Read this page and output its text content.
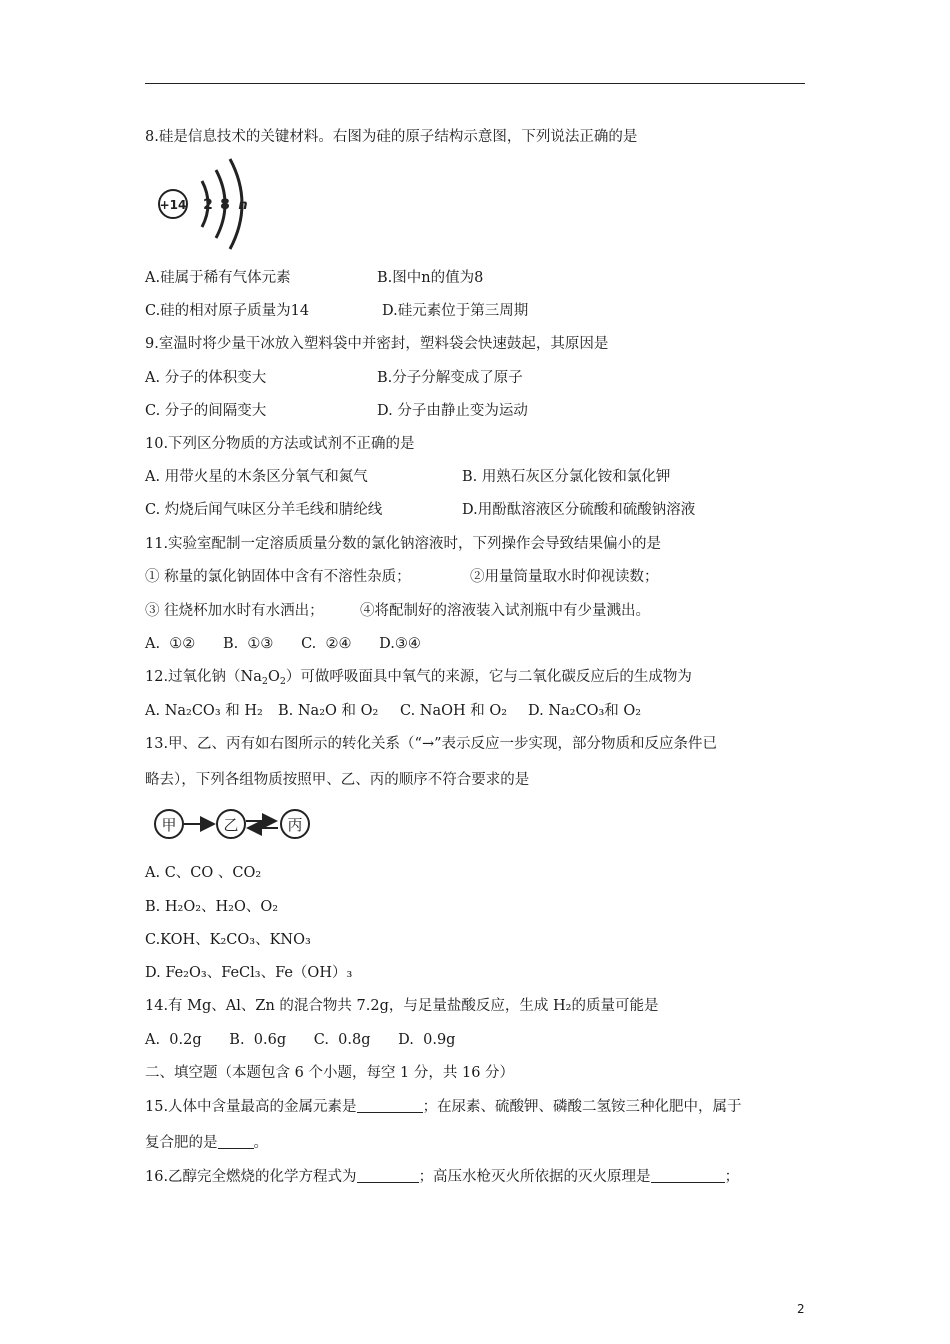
8.硅是信息技术的关键材料。右图为硅的原子结构示意图，下列说法正确的是
+14 2 8 n
A.硅属于稀有气体元素	B.图中n的值为8
C.硅的相对原子质量为14	D.硅元素位于第三周期
9.室温时将少量干冰放入塑料袋中并密封，塑料袋会快速鼓起，其原因是
A. 分子的体积变大	B.分子分解变成了原子
C. 分子的间隔变大	D. 分子由静止变为运动
10.下列区分物质的方法或试剂不正确的是
A. 用带火星的木条区分氧气和氮气	B. 用熟石灰区分氯化铵和氯化钾
C. 灼烧后闻气味区分羊毛线和腈纶线	D.用酚酞溶液区分硫酸和硫酸钠溶液
11.实验室配制一定溶质质量分数的氯化钠溶液时，下列操作会导致结果偏小的是
① 称量的氯化钠固体中含有不溶性杂质；	②用量筒量取水时仰视读数；
③ 往烧杯加水时有水洒出；	④将配制好的溶液装入试剂瓶中有少量溅出。
A.  ①②      B.  ①③      C.  ②④      D.③④
12.过氧化钠$(Na_2O_2)$可做呼吸面具中氧气的来源，它与二氧化碳反应后的生成物为
A. Na₂CO₃ 和 H₂ B. Na₂O 和 O₂ C. NaOH 和 O₂ D. Na₂CO₃和 O₂
13.甲、乙、丙有如右图所示的转化关系（“→”表示反应一步实现，部分物质和反应条件已
略去），下列各组物质按照甲、乙、丙的顺序不符合要求的是
甲	乙	丙
A. C、CO 、CO₂
B. H₂O₂、H₂O、O₂
C.KOH、K₂CO₃、KNO₃
D. Fe₂O₃、FeCl₃、Fe（OH）₃
14.有 Mg、Al、Zn 的混合物共 7.2g，与足量盐酸反应，生成 H₂的质量可能是
A.  0.2g      B.  0.6g      C.  0.8g      D.  0.9g
二、填空题（本题包含 6 个小题，每空 1 分，共 16 分）
15.人体中含量最高的金属元素是	；在尿素、硫酸钾、磷酸二氢铵三种化肥中，属于
复合肥的是 。
16.乙醇完全燃烧的化学方程式为	；高压水枪灭火所依据的灭火原理是	；
2
